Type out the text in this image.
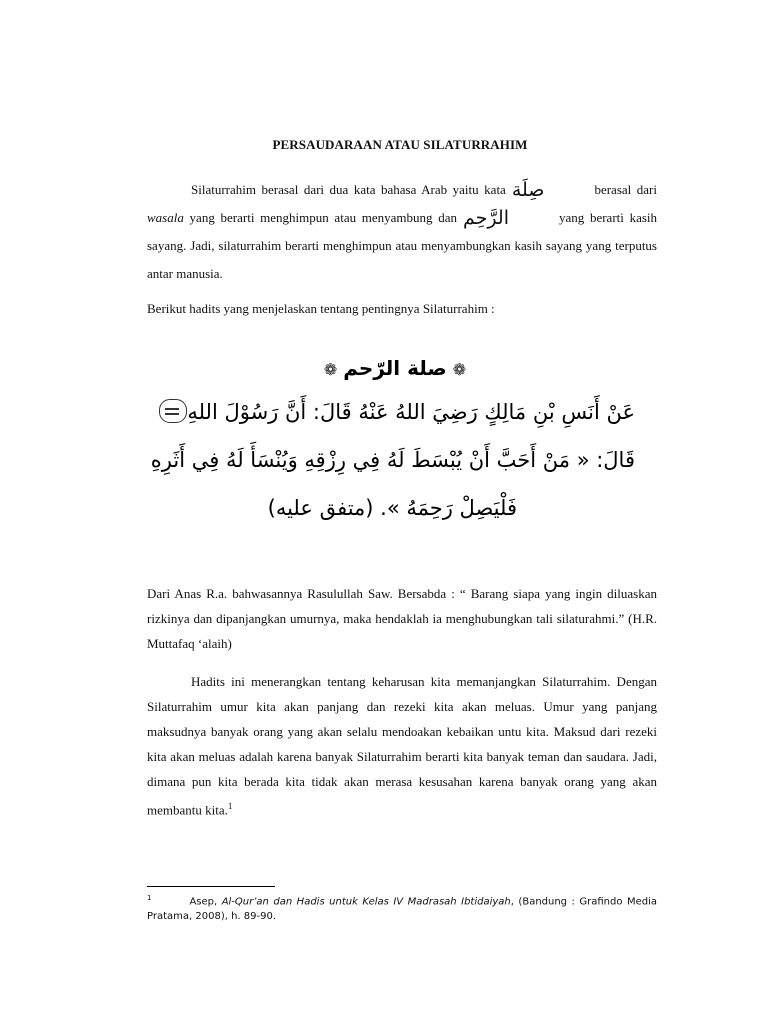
PERSAUDARAAN ATAU SILATURRAHIM
Silaturrahim berasal dari dua kata bahasa Arab yaitu kata صِلَة	berasal dari wasala yang berarti menghimpun atau menyambung dan الرَّحِم	yang berarti kasih sayang. Jadi, silaturrahim berarti menghimpun atau menyambungkan kasih sayang yang terputus antar manusia.
Berikut hadits yang menjelaskan tentang pentingnya Silaturrahim :
❁صلة الرّحم❁
عَنْ أَنَسِ بْنِ مَالِكٍ رَضِيَ اللهُ عَنْهُ قَالَ: أَنَّ رَسُوْلَ اللهِ
قَالَ: « مَنْ أَحَبَّ أَنْ يُبْسَطَ لَهُ فِي رِزْقِهِ وَيُنْسَأَ لَهُ فِي أَثَرِهِ
فَلْيَصِلْ رَحِمَهُ ». (متفق عليه)
Dari Anas R.a. bahwasannya Rasulullah Saw. Bersabda : “ Barang siapa yang ingin diluaskan rizkinya dan dipanjangkan umurnya, maka hendaklah ia menghubungkan tali silaturahmi.” (H.R. Muttafaq ‘alaih)
Hadits ini menerangkan tentang keharusan kita memanjangkan Silaturrahim. Dengan Silaturrahim umur kita akan panjang dan rezeki kita akan meluas. Umur yang panjang maksudnya banyak orang yang akan selalu mendoakan kebaikan untu kita. Maksud dari rezeki kita akan meluas adalah karena banyak Silaturrahim berarti kita banyak teman dan saudara. Jadi, dimana pun kita berada kita tidak akan merasa kesusahan karena banyak orang yang akan membantu kita.$^1$
$^1$	Asep, Al-Qur’an dan Hadis untuk Kelas IV Madrasah Ibtidaiyah, (Bandung : Grafindo Media Pratama, 2008), h. 89-90.
